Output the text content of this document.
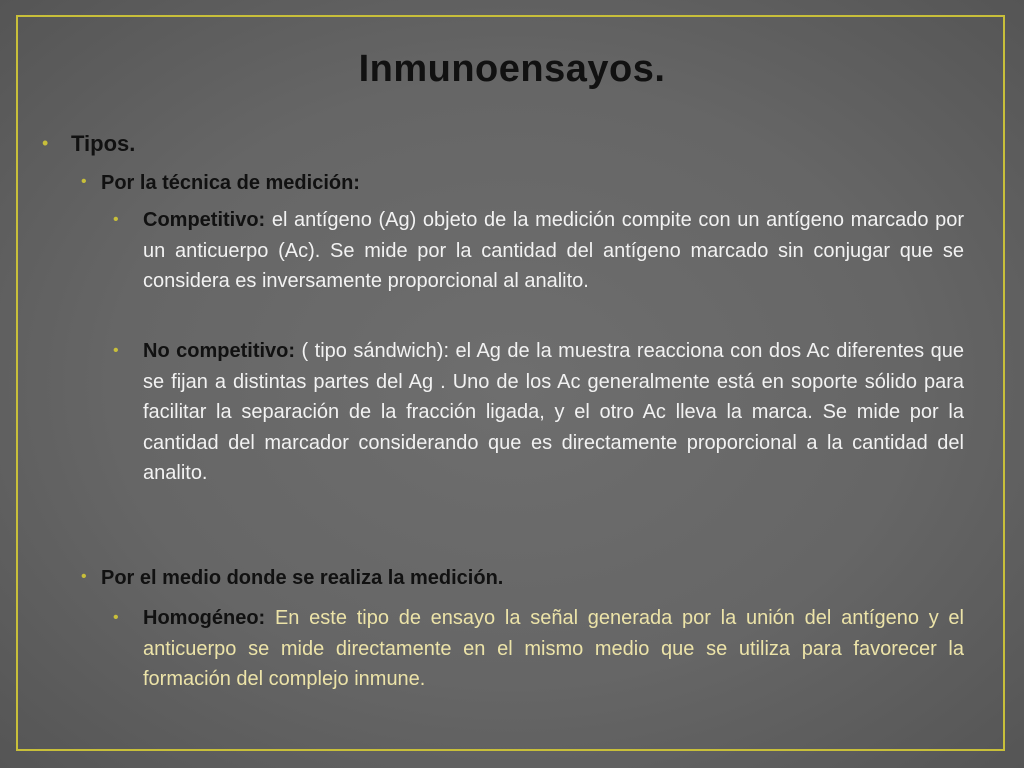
Inmunoensayos.
• Tipos.
• Por la técnica de medición:
• Competitivo: el antígeno (Ag) objeto de la medición compite con un antígeno marcado por un anticuerpo (Ac). Se mide por la cantidad del antígeno marcado sin conjugar que se considera es inversamente proporcional al analito.
• No competitivo: ( tipo sándwich): el Ag de la muestra reacciona con dos Ac diferentes que se fijan a distintas partes del Ag . Uno de los Ac generalmente está en soporte sólido para facilitar la separación de la fracción ligada, y el otro Ac lleva la marca. Se mide por la cantidad del marcador considerando que es directamente proporcional a la cantidad del analito.
• Por el medio donde se realiza la medición.
• Homogéneo: En este tipo de ensayo la señal generada por la unión del antígeno y el anticuerpo se mide directamente en el mismo medio que se utiliza para favorecer la formación del complejo inmune.
